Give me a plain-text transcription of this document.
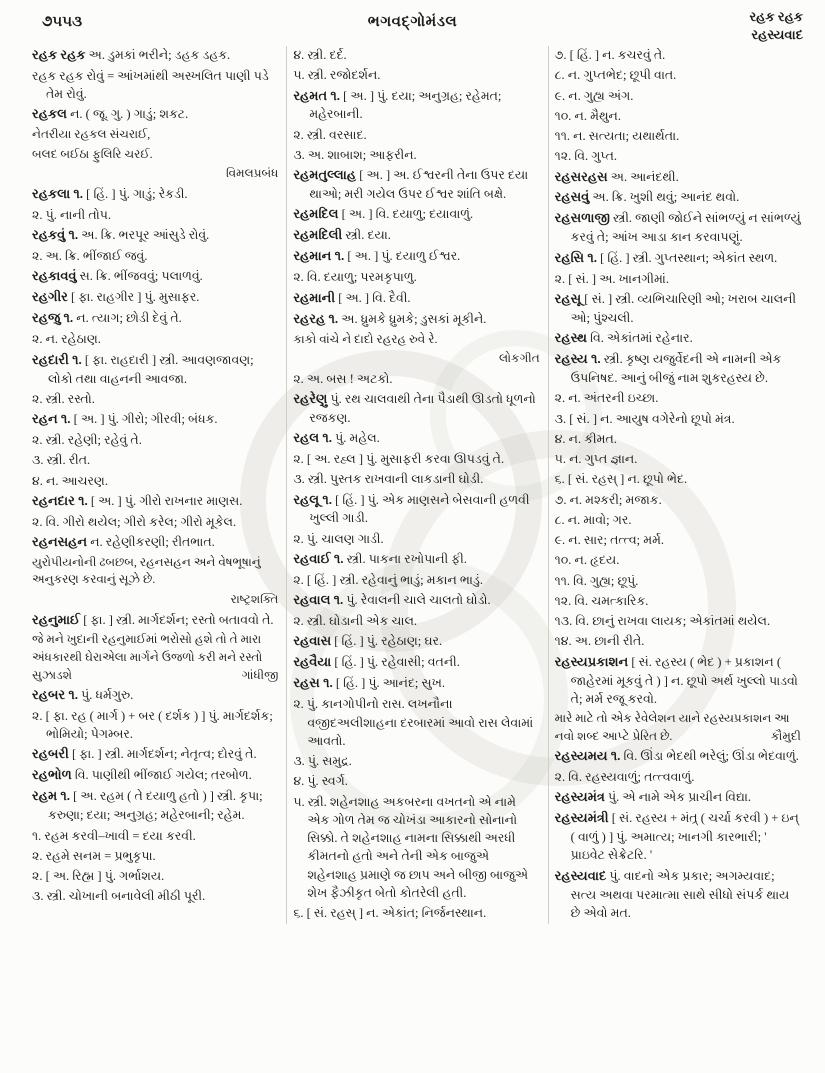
૭૫૫૩	ભગવદ્ગોમંડલ	રહક રહક
રહસ્યવાદ

રહક રહક અ. ડુમકાં ભરીને; ડહક ડહક.

રહક રહક રોવું = આંખમાંથી અસ્ખલિત પાણી પડે તેમ રોવું.

રહકલ ન. ( જૂ. ગુ. ) ગાડું; શકટ.

નેતરીયા રહકલ સંચરાઈ,

બલદ બઈઠા ફુલિરિ ચરઈ.

વિમલપ્રબંધ

રહકલા ૧. [ હિં. ] પું. ગાડું; રેકડી.

૨. પું. નાની તોપ.

રહકવું ૧. અ. ક્રિ. ભરપૂર આંસુડે રોવું.

૨. અ. ક્રિ. ભીંજાઈ જવું.

રહકાવવું સ. ક્રિ. ભીંજવવું; પલાળવું.

રહગીર [ ફા. રાહગીર ] પું. મુસાફર.

રહજુ ૧. ન. ત્યાગ; છોડી દેવું તે.

૨. ન. રહેઠાણ.

રહદારી ૧. [ ફા. રાહદારી ] સ્ત્રી. આવણજાવણ; લોકો તથા વાહનની આવજા.

૨. સ્ત્રી. રસ્તો.

રહન ૧. [ અ. ] પું. ગીરો; ગીરવી; બંધક.

૨. સ્ત્રી. રહેણી; રહેવું તે.

૩. સ્ત્રી. રીત.

૪. ન. આચરણ.

રહનદાર ૧. [ અ. ] પું. ગીરો રાખનાર માણસ.

૨. વિ. ગીરો થયેલ; ગીરો કરેલ; ગીરો મૂકેલ.

રહનસહન ન. રહેણીકરણી; રીતભાત.

યુરોપીયનોની ઢબછબ, રહનસહન અને વેષભૂષાનું અનુકરણ કરવાનું સૂઝે છે.

રાષ્ટ્રશક્તિ

રહનુમાઈ [ ફા. ] સ્ત્રી. માર્ગદર્શન; રસ્તો બતાવવો તે.

જે મને ખુદાની રહનુમાઈમાં ભરોસો હશે તો તે મારા અંધકારથી ઘેરાએલા માર્ગને ઉજળો કરી મને રસ્તો સુઝાડશે	ગાંધીજી

રહબર ૧. પું. ધર્મગુરુ.

૨. [ ફા. રહ ( માર્ગ ) + બર ( દર્શક ) ] પું. માર્ગદર્શક; ભોમિયો; પેગમ્બર.

રહબરી [ ફા. ] સ્ત્રી. માર્ગદર્શન; નેતૃત્વ; દોરવું તે.

રહભોળ વિ. પાણીથી ભીંજાઈ ગયેલ; તરબોળ.

રહમ ૧. [ અ. રહમ ( તે દયાળુ હતો ) ] સ્ત્રી. કૃપા; કરુણા; દયા; અનુગ્રહ; મહેરબાની; રહેમ.

૧. રહમ કરવી–ખાવી = દયા કરવી.

૨. રહમે સનમ = પ્રભુકૃપા.

૨. [ અ. રિહ્મ ] પું. ગર્ભાશય.

૩. સ્ત્રી. ચોખાની બનાવેલી મીઠી પૂરી.

૪. સ્ત્રી. દર્દ.

૫. સ્ત્રી. રજોદર્શન.

રહમત ૧. [ અ. ] પું. દયા; અનુગ્રહ; રહેમત; મહેરબાની.

૨. સ્ત્રી. વરસાદ.

૩. અ. શાબાશ; આફરીન.

રહમતુલ્લાહ [ અ. ] અ. ઈશ્વરની તેના ઉપર દયા થાઓ; મરી ગયેલ ઉપર ઈશ્વર શાંતિ બક્ષે.

રહમદિલ [ અ. ] વિ. દયાળુ; દયાવાળું.

રહમદિલી સ્ત્રી. દયા.

રહમાન ૧. [ અ. ] પું. દયાળુ ઈશ્વર.

૨. વિ. દયાળુ; પરમકૃપાળુ.

રહમાની [ અ. ] વિ. દૈવી.

રહરહ ૧. અ. ધ્રુમકે ધ્રુમકે; ડુસકાં મૂકીને.

કાકો વાંચે ને દાદો રહરહ રુવે રે.

લોકગીત

૨. અ. બસ ! અટકો.

રહરેણુ પું. રથ ચાલવાથી તેના પૈડાથી ઊડતો ધૂળનો રજકણ.

રહલ ૧. પું. મહેલ.

૨. [ અ. રહ્લ ] પું. મુસાફરી કરવા ઊપડવું તે.

૩. સ્ત્રી. પુસ્તક રાખવાની લાકડાની ઘોડી.

રહલૂ ૧. [ હિં. ] પું. એક માણસને બેસવાની હળવી ખુલ્લી ગાડી.

૨. પું. ચાલણ ગાડી.

રહવાઈ ૧. સ્ત્રી. પાકના રખોપાની ફી.

૨. [ હિં. ] સ્ત્રી. રહેવાનું ભાડું; મકાન ભાડું.

રહવાલ ૧. પું. રેવાલની ચાલે ચાલતો ઘોડો.

૨. સ્ત્રી. ઘોડાની એક ચાલ.

રહવાસ [ હિં. ] પું. રહેઠાણ; ઘર.

રહવૈયા [ હિં. ] પું. રહેવાસી; વતની.

રહસ ૧. [ હિં. ] પું. આનંદ; સુખ.

૨. પું. કાનગોપીનો રાસ. લખનૌના વજીદઅલીશાહના દરબારમાં આવો રાસ લેવામાં આવતો.

૩. પું. સમુદ્ર.

૪. પું. સ્વર્ગ.

૫. સ્ત્રી. શહેનશાહ અકબરના વખતનો એ નામે એક ગોળ તેમ જ ચોખંડા આકારનો સોનાનો સિક્કો. તે શહેનશાહ નામના સિક્કાથી અરધી કીમતનો હતો અને તેની એક બાજુએ શહેનશાહ પ્રમાણે જ છાપ અને બીજી બાજુએ શેખ ફૈઝીકૃત બેતો કોતરેલી હતી.

૬. [ સં. રહસ્ ] ન. એકાંત; નિર્જનસ્થાન.

૭. [ હિં. ] ન. કચરવું તે.

૮. ન. ગુપ્તભેદ; છૂપી વાત.

૯. ન. ગુહ્ય અંગ.

૧૦. ન. મૈથુન.

૧૧. ન. સત્યતા; યથાર્થતા.

૧૨. વિ. ગુપ્ત.

રહસરહસ અ. આનંદથી.

રહસવું અ. ક્રિ. ખુશી થવું; આનંદ થવો.

રહસળાજી સ્ત્રી. જાણી જોઈને સાંભળ્યું ન સાંભળ્યું કરવું તે; આંખ આડા કાન કરવાપણું.

રહસિ ૧. [ હિં. ] સ્ત્રી. ગુપ્તસ્થાન; એકાંત સ્થળ.

૨. [ સં. ] અ. ખાનગીમાં.

રહસૂ [ સં. ] સ્ત્રી. વ્યભિચારિણી ઓ; ખરાબ ચાલની ઓ; પુંશ્ચલી.

રહસ્થ વિ. એકાંતમાં રહેનાર.

રહસ્ય ૧. સ્ત્રી. કૃષ્ણ યજુર્વેદની એ નામની એક ઉપનિષદ. આનું બીજું નામ શુકરહસ્ય છે.

૨. ન. અંતરની ઇચ્છા.

૩. [ સં. ] ન. આયુષ વગેરેનો છૂપો મંત્ર.

૪. ન. કીમત.

૫. ન. ગુપ્ત જ્ઞાન.

૬. [ સં. રહસ્ ] ન. છૂપો ભેદ.

૭. ન. મશ્કરી; મજાક.

૮. ન. માવો; ગર.

૯. ન. સાર; તત્ત્વ; મર્મ.

૧૦. ન. હૃદય.

૧૧. વિ. ગુહ્ય; છૂપું.

૧૨. વિ. ચમત્કારિક.

૧૩. વિ. છાનું રાખવા લાયક; એકાંતમાં થયેલ.

૧૪. અ. છાની રીતે.

રહસ્યપ્રકાશન [ સં. રહસ્ય ( ભેદ ) + પ્રકાશન ( જાહેરમાં મૂકવું તે ) ] ન. છૂપો અર્થ ખુલ્લો પાડવો તે; મર્મ રજૂ કરવો.

મારે માટે તો એક રેવેલેશન યાને રહસ્યપ્રકાશન આ નવો શબ્દ આપ્ટે પ્રેરિત છે.	કૌમુદી

રહસ્યમય ૧. વિ. ઊંડા ભેદથી ભરેલું; ઊંડા ભેદવાળું.

૨. વિ. રહસ્યવાળું; તત્ત્વવાળું.

રહસ્યમંત્ર પું. એ નામે એક પ્રાચીન વિદ્યા.

રહસ્યમંત્રી [ સં. રહસ્ય + મંત્ર્ ( ચર્ચા કરવી ) + ઇન્ ( વાળું ) ] પું. અમાત્ય; ખાનગી કારભારી; ' પ્રાઇવેટ સેક્રેટરિ. '

રહસ્યવાદ પું. વાદનો એક પ્રકાર; અગમ્યવાદ; સત્ય અથવા પરમાત્મા સાથે સીધો સંપર્ક થાય છે એવો મત.
